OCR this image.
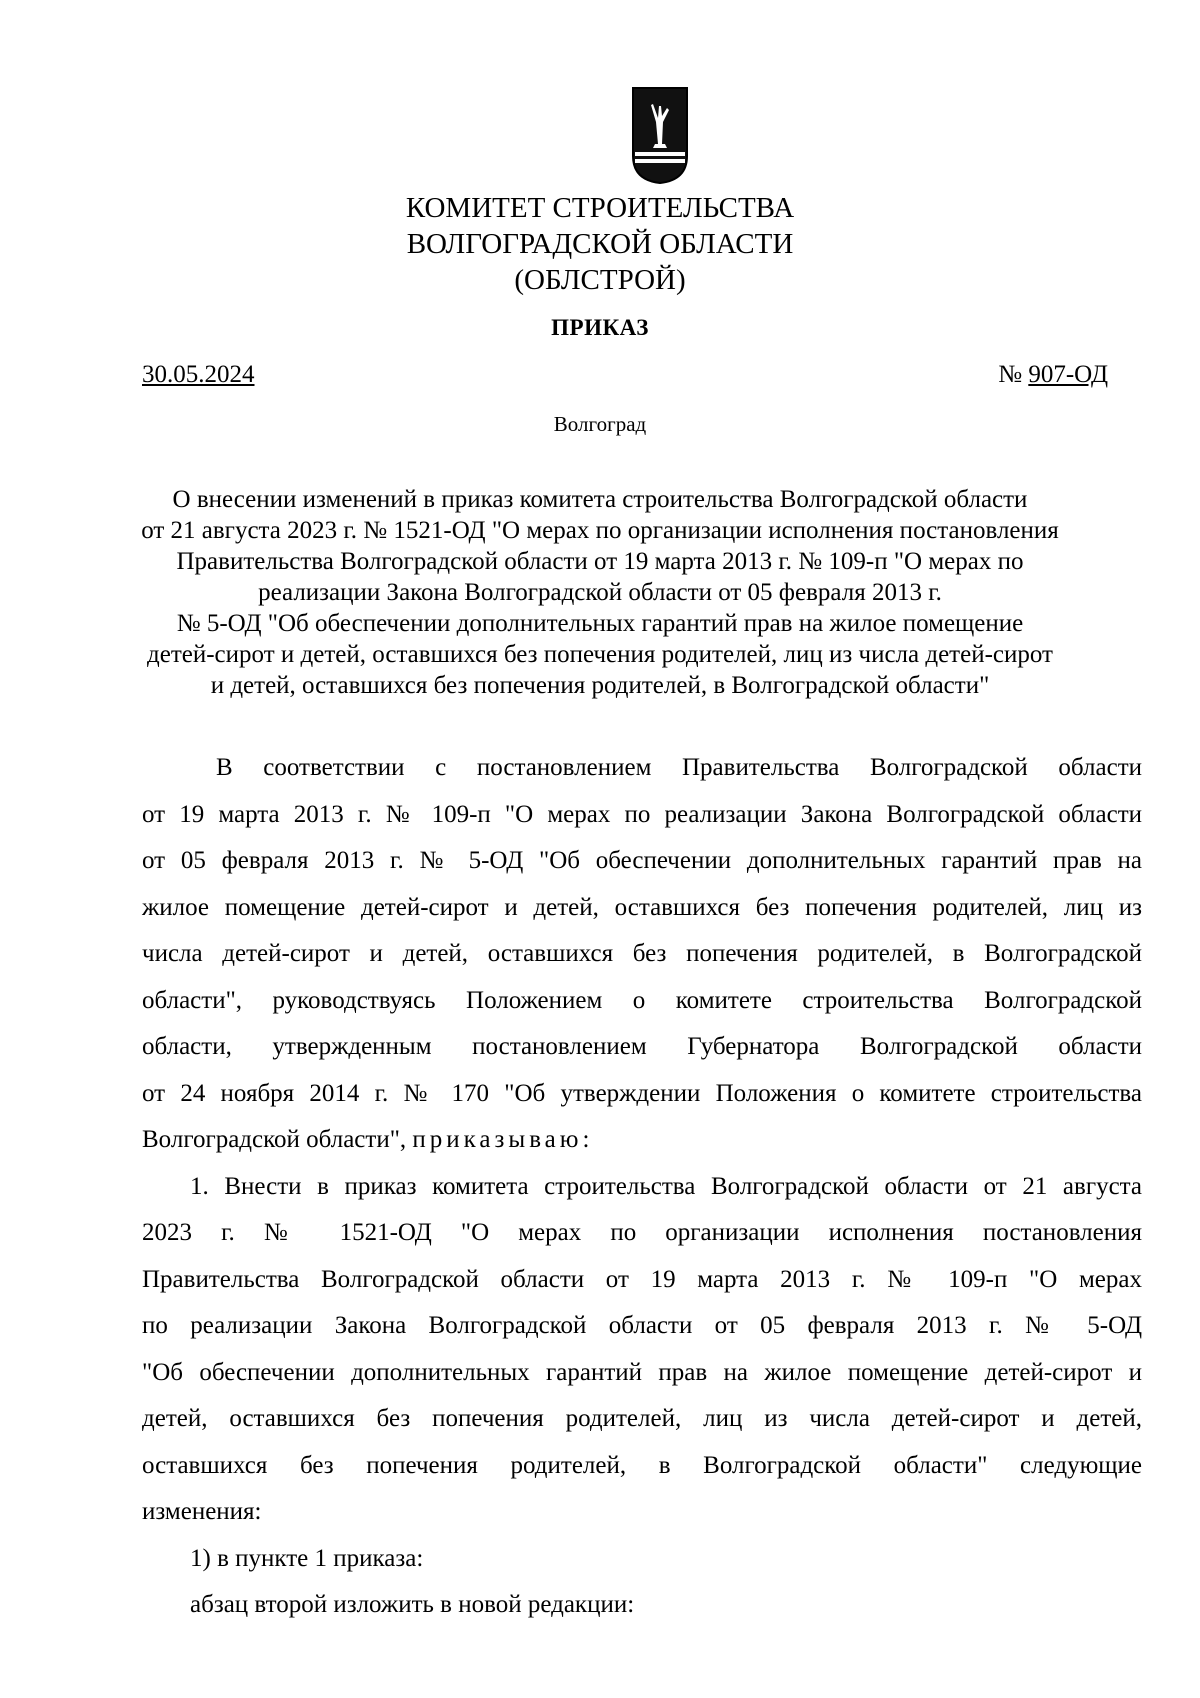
КОМИТЕТ СТРОИТЕЛЬСТВА
ВОЛГОГРАДСКОЙ ОБЛАСТИ
(ОБЛСТРОЙ)
ПРИКАЗ
30.05.2024	№ 907-ОД
Волгоград
О внесении изменений в приказ комитета строительства Волгоградской области
от 21 августа 2023 г. № 1521-ОД "О мерах по организации исполнения постановления
Правительства Волгоградской области от 19 марта 2013 г. № 109-п "О мерах по
реализации Закона Волгоградской области от 05 февраля 2013 г.
№ 5-ОД "Об обеспечении дополнительных гарантий прав на жилое помещение
детей-сирот и детей, оставшихся без попечения родителей, лиц из числа детей-сирот
и детей, оставшихся без попечения родителей, в Волгоградской области"
В соответствии с постановлением Правительства Волгоградской области
от 19 марта 2013 г. № 109-п "О мерах по реализации Закона Волгоградской области
от 05 февраля 2013 г. № 5-ОД "Об обеспечении дополнительных гарантий прав на
жилое помещение детей-сирот и детей, оставшихся без попечения родителей, лиц из
числа детей-сирот и детей, оставшихся без попечения родителей, в Волгоградской
области", руководствуясь Положением о комитете строительства Волгоградской
области, утвержденным постановлением Губернатора Волгоградской области
от 24 ноября 2014 г. № 170 "Об утверждении Положения о комитете строительства
Волгоградской области", приказываю:
1. Внести в приказ комитета строительства Волгоградской области от 21 августа
2023 г. № 1521-ОД "О мерах по организации исполнения постановления
Правительства Волгоградской области от 19 марта 2013 г. № 109-п "О мерах
по реализации Закона Волгоградской области от 05 февраля 2013 г. № 5-ОД
"Об обеспечении дополнительных гарантий прав на жилое помещение детей-сирот и
детей, оставшихся без попечения родителей, лиц из числа детей-сирот и детей,
оставшихся без попечения родителей, в Волгоградской области" следующие
изменения:
1) в пункте 1 приказа:
абзац второй изложить в новой редакции:
